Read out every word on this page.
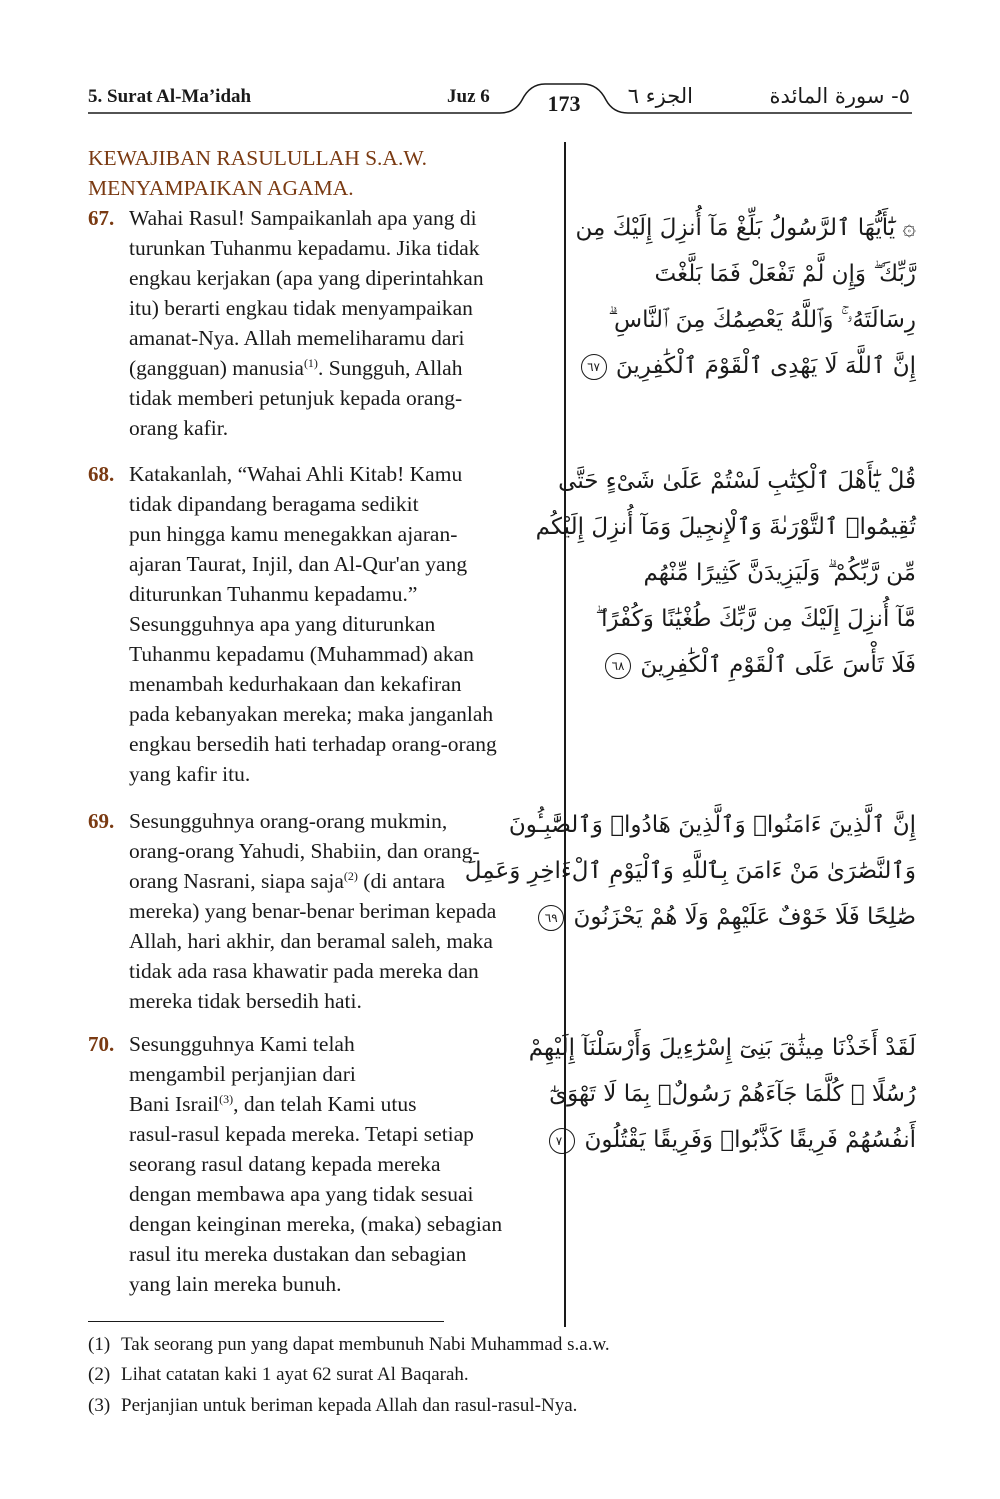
5. Surat Al-Ma’idah	Juz 6	173	الجزء ٦	٥- سورة المائدة
KEWAJIBAN RASULULLAH S.A.W.
MENYAMPAIKAN AGAMA.
67. Wahai Rasul! Sampaikanlah apa yang di
turunkan Tuhanmu kepadamu. Jika tidak
engkau kerjakan (apa yang diperintahkan
itu) berarti engkau tidak menyampaikan
amanat-Nya. Allah memeliharamu dari
(gangguan) manusia$^{(1)}$. Sungguh, Allah
tidak memberi petunjuk kepada orang-
orang kafir.
68. Katakanlah, “Wahai Ahli Kitab! Kamu
tidak dipandang beragama sedikit
pun hingga kamu menegakkan ajaran-
ajaran Taurat, Injil, dan Al-Qur'an yang
diturunkan Tuhanmu kepadamu.”
Sesungguhnya apa yang diturunkan
Tuhanmu kepadamu (Muhammad) akan
menambah kedurhakaan dan kekafiran
pada kebanyakan mereka; maka janganlah
engkau bersedih hati terhadap orang-orang
yang kafir itu.
69. Sesungguhnya orang-orang mukmin,
orang-orang Yahudi, Shabiin, dan orang-
orang Nasrani, siapa saja$^{(2)}$ (di antara
mereka) yang benar-benar beriman kepada
Allah, hari akhir, dan beramal saleh, maka
tidak ada rasa khawatir pada mereka dan
mereka tidak bersedih hati.
70. Sesungguhnya Kami telah
mengambil perjanjian dari
Bani Israil$^{(3)}$, dan telah Kami utus
rasul-rasul kepada mereka. Tetapi setiap
seorang rasul datang kepada mereka
dengan membawa apa yang tidak sesuai
dengan keinginan mereka, (maka) sebagian
rasul itu mereka dustakan dan sebagian
yang lain mereka bunuh.
۞ يَٰٓأَيُّهَا ٱلرَّسُولُ بَلِّغْ مَآ أُنزِلَ إِلَيْكَ مِن
رَّبِّكَ ۖ وَإِن لَّمْ تَفْعَلْ فَمَا بَلَّغْتَ
رِسَالَتَهُۥ ۚ وَٱللَّهُ يَعْصِمُكَ مِنَ ٱلنَّاسِ ۗ
إِنَّ ٱللَّهَ لَا يَهْدِى ٱلْقَوْمَ ٱلْكَٰفِرِينَ ٦٧
قُلْ يَٰٓأَهْلَ ٱلْكِتَٰبِ لَسْتُمْ عَلَىٰ شَىْءٍ حَتَّىٰ
تُقِيمُوا۟ ٱلتَّوْرَىٰةَ وَٱلْإِنجِيلَ وَمَآ أُنزِلَ إِلَيْكُم
مِّن رَّبِّكُمْ ۗ وَلَيَزِيدَنَّ كَثِيرًا مِّنْهُم
مَّآ أُنزِلَ إِلَيْكَ مِن رَّبِّكَ طُغْيَٰنًا وَكُفْرًا ۖ
فَلَا تَأْسَ عَلَى ٱلْقَوْمِ ٱلْكَٰفِرِينَ ٦٨
إِنَّ ٱلَّذِينَ ءَامَنُوا۟ وَٱلَّذِينَ هَادُوا۟ وَٱلصَّٰبِـُٔونَ
وَٱلنَّصَٰرَىٰ مَنْ ءَامَنَ بِٱللَّهِ وَٱلْيَوْمِ ٱلْءَاخِرِ وَعَمِلَ
صَٰلِحًا فَلَا خَوْفٌ عَلَيْهِمْ وَلَا هُمْ يَحْزَنُونَ ٦٩
لَقَدْ أَخَذْنَا مِيثَٰقَ بَنِىٓ إِسْرَٰٓءِيلَ وَأَرْسَلْنَآ إِلَيْهِمْ
رُسُلًا ۖ كُلَّمَا جَآءَهُمْ رَسُولٌۢ بِمَا لَا تَهْوَىٰٓ
أَنفُسُهُمْ فَرِيقًا كَذَّبُوا۟ وَفَرِيقًا يَقْتُلُونَ ٧٠
(1) Tak seorang pun yang dapat membunuh Nabi Muhammad s.a.w.
(2) Lihat catatan kaki 1 ayat 62 surat Al Baqarah.
(3) Perjanjian untuk beriman kepada Allah dan rasul-rasul-Nya.
